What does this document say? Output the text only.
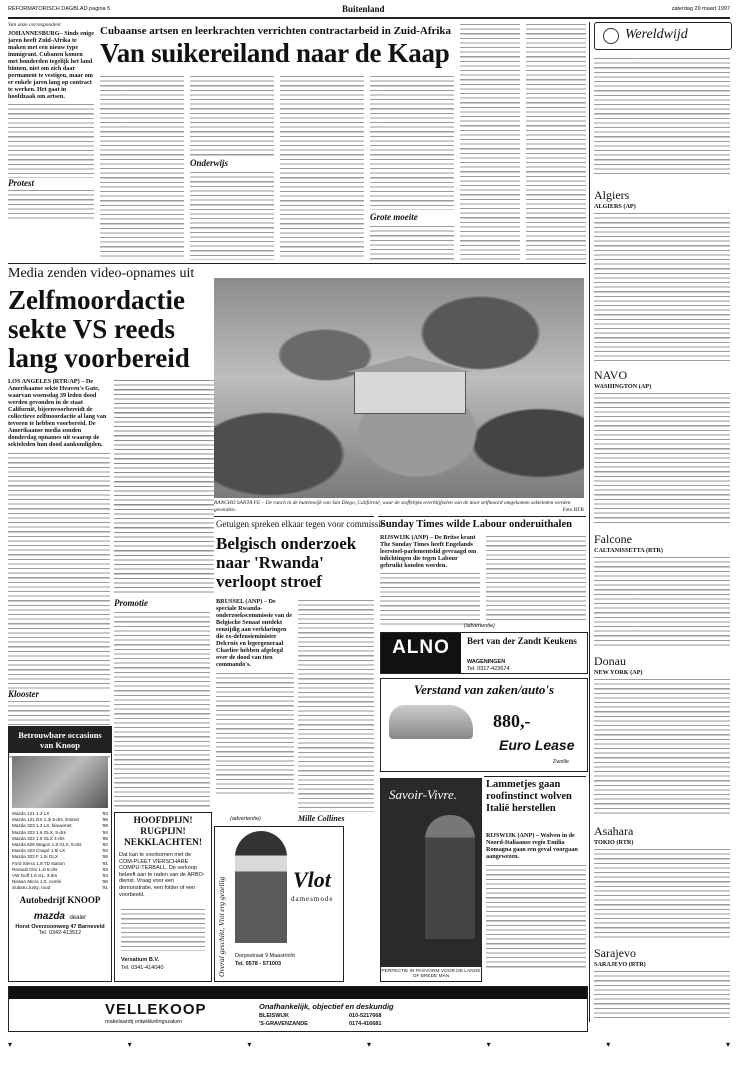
REFORMATORISCH DAGBLAD pagina 5	Buitenland	zaterdag 29 maart 1997
Cubaanse artsen en leerkrachten verrichten contractarbeid in Zuid-Afrika
Van suikereiland naar de Kaap
Van onze correspondent
JOHANNESBURG– Sinds enige jaren heeft Zuid-Afrika te maken met een nieuw type immigrant. Cubanen komen met honderden tegelijk het land binnen, niet om zich daar permanent te vestigen, maar om er enkele jaren lang op contract te werken. Het gaat in hoofdzaak om artsen.
Protest
Onderwijs
Grote moeite
Wereldwijd
Algiers
ALGIERS (AP)
NAVO
WASHINGTON (AP)
Falcone
CALTANISSETTA (RTR)
Donau
NEW YORK (AP)
Asahara
TOKIO (RTR)
Sarajevo
SARAJEVO (RTR)
Media zenden video-opnames uit
Zelfmoordactie sekte VS reeds lang voorbereid
LOS ANGELES (RTR/AP) – De Amerikaanse sekte Heaven's Gate, waarvan woensdag 39 leden dood werden gevonden in de staat Californië, bijeenvoorbereidt de collectieve zelfmoordactie al lang van tevoren te hebben voorbereid. De Amerikaanse media zonden donderdag opnames uit waarop de sekteleden hun dood aankondigden.
Klooster
RANCHO SANTA FE – De ranch in de buitenwijk van San Diego, Californië, waar de stoffelijke overblijfselen van de door zelfmoord omgekomen sekteleden werden gevonden.	Foto RTR
Promotie
Betrouwbare occasions van Knoop
Mazda 121 1.3 LX	'93
Mazda 121 DX 1.3i 5-drs, limited	'96
Mazda 323 1.3 LX, blauwmet.	'89
Mazda 323 1.6 GLX, 5-drs	'94
Mazda 323 1.6 GLX 4-drs	'95
Mazda 626 Wagon 1.8 GLX, 5-drs	'92
Mazda 323 Coupé 1.5i LX	'94
Mazda 323 F 1.5i GLX	'95
Ford Sierra 1.8 TD station	'91
Renault Clio 1.4i 5-drs	'93
VW Golf 1.6 GL, 3-drs	'93
Nissan Micra 1.0, combi	'96
Subaru Justy, rood	'91
Autobedrijf KNOOP
mazda dealer
Horst Overzoomweg 47 Barneveld
Tel. 0342-413512
HOOFDPIJN! RUGPIJN! NEKKLACHTEN!
Dat kan te voorkomen met de COM-PLEET VIERSCHARE COMPU-TERBALL. De verkoop beleeft aan te raden van de ARBO-dienst. Vraag voor een demonstratie, een folder of een voorbeeld.
Versatium B.V.
Tel. 0341-414040	Overal geschikt, Vlot erg gezellig	Vlot
damesmode
Dorpsstraat 9 Maastricht
Tel. 0578 - 571003
Getuigen spreken elkaar tegen voor commissie
Belgisch onderzoek naar 'Rwanda' verloopt stroef
BRUSSEL (ANP) – De speciale Rwanda-onderzoekscommissie van de Belgische Senaat ontdekt eenzijdig aan verklaringen die ex-defensieminister Delcroix en legergeneraal Charlier hebben afgelegd over de dood van tien commando's.
Mille Collines
(advertentie)
Sunday Times wilde Labour onderuithalen
RIJSWIJK (ANP) – De Britse krant The Sunday Times heeft Engelands leerstoel-parlementslid gevraagd om inlichtingen die tegen Labour gebruikt konden worden.
(advertentie)
ALNO	Bert van der Zandt Keukens
WAGENINGEN
Tel. 0317-423674
Verstand van zaken/auto's
880,-
Euro Lease
Zwolle
Lammetjes gaan roofinstinct wolven Italië herstellen
RIJSWIJK (ANP) – Wolven in de Noord-Italiaanse regio Emilia Romagna gaan een geval voorgaan aangewezen.
Savoir-Vivre.
PERFECTIE IN PASVORM VOOR DE LANGE OF BREDE MAN
Onafhankelijk, objectief en deskundig
VELLEKOOP
makelaardij ontwikkelingszaken
BLEISWIJK	010-5217668
'S-GRAVENZANDE	0174-416681
▾	▾	▾	▾	▾	▾	▾
